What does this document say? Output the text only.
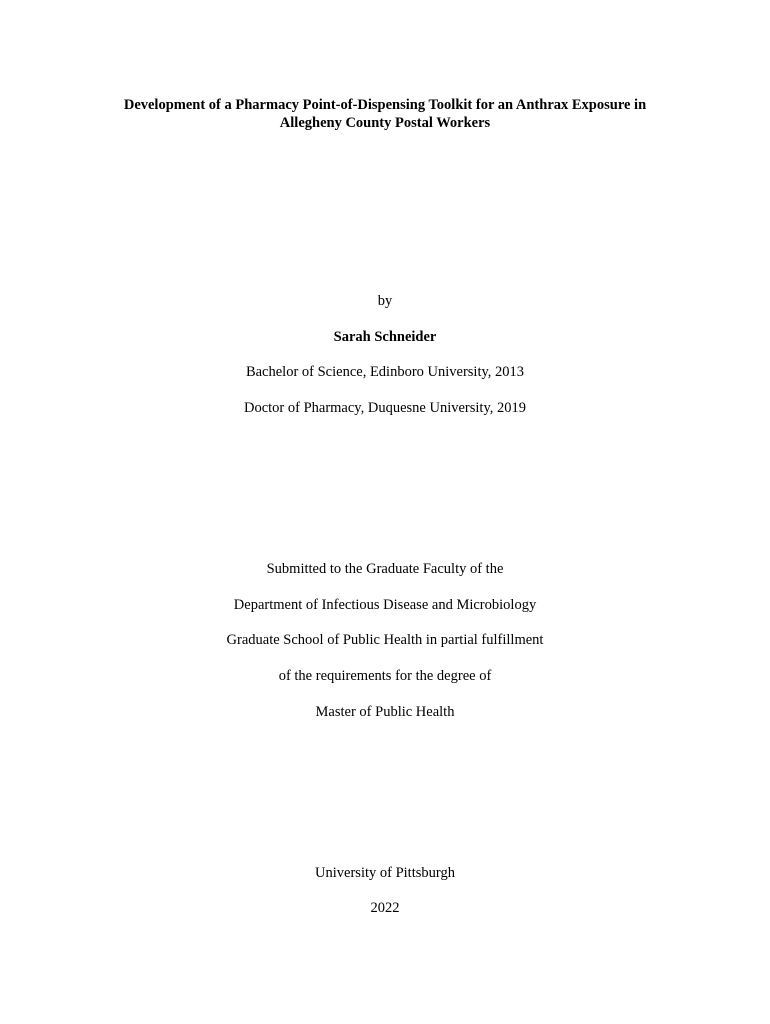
Development of a Pharmacy Point-of-Dispensing Toolkit for an Anthrax Exposure in
Allegheny County Postal Workers
by
Sarah Schneider
Bachelor of Science, Edinboro University, 2013
Doctor of Pharmacy, Duquesne University, 2019
Submitted to the Graduate Faculty of the
Department of Infectious Disease and Microbiology
Graduate School of Public Health in partial fulfillment
of the requirements for the degree of
Master of Public Health
University of Pittsburgh
2022
